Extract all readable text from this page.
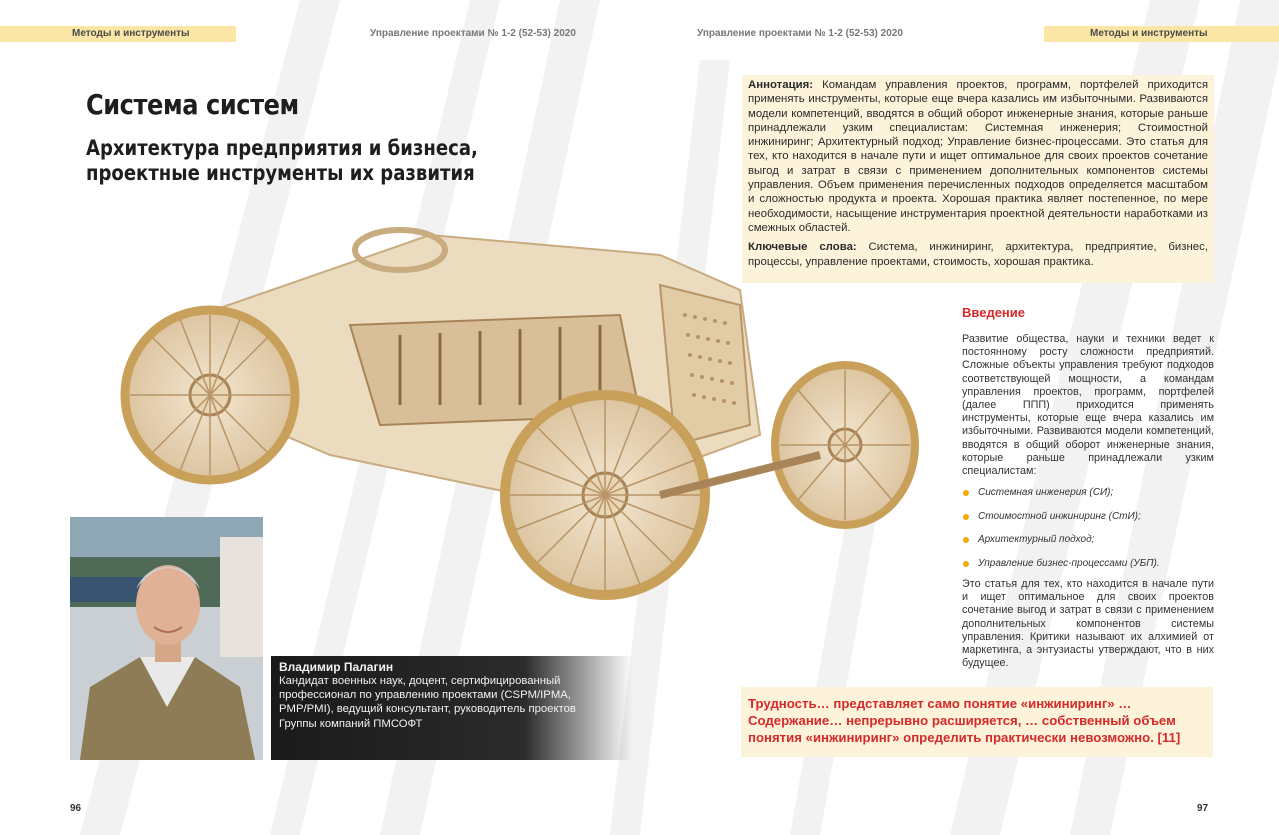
Методы и инструменты	Управление проектами № 1-2 (52-53) 2020	Управление проектами № 1-2 (52-53) 2020	Методы и инструменты
Система систем
Архитектура предприятия и бизнеса, проектные инструменты их развития

Аннотация: Командам управления проектов, программ, портфелей приходится применять инструменты, которые еще вчера казались им избыточными. Развиваются модели компетенций, вводятся в общий оборот инженерные знания, которые раньше принадлежали узким специалистам: Системная инженерия; Стоимостной инжиниринг; Архитектурный подход; Управление бизнес-процессами. Это статья для тех, кто находится в начале пути и ищет оптимальное для своих проектов сочетание выгод и затрат в связи с применением дополнительных компонентов системы управления. Объем применения перечисленных подходов определяется масштабом и сложностью продукта и проекта. Хорошая практика являет постепенное, по мере необходимости, насыщение инструментария проектной деятельности наработками из смежных областей.

Ключевые слова: Система, инжиниринг, архитектура, предприятие, бизнес, процессы, управление проектами, стоимость, хорошая практика.

Введение

Развитие общества, науки и техники ведет к постоянному росту сложности предприятий. Сложные объекты управления требуют подходов соответствующей мощности, а командам управления проектов, программ, портфелей (далее ППП) приходится применять инструменты, которые еще вчера казались им избыточными. Развиваются модели компетенций, вводятся в общий оборот инженерные знания, которые раньше принадлежали узким специалистам:

Системная инженерия (СИ);
Стоимостной инжиниринг (СтИ);
Архитектурный подход;
Управление бизнес-процессами (УБП).

Это статья для тех, кто находится в начале пути и ищет оптимальное для своих проектов сочетание выгод и затрат в связи с применением дополнительных компонентов системы управления. Критики называют их алхимией от маркетинга, а энтузиасты утверждают, что в них будущее.

Трудность… представляет само понятие «инжиниринг» … Содержание… непрерывно расширяется, … собственный объем понятия «инжиниринг» определить практически невозможно. [11]
Владимир Палагин
Кандидат военных наук, доцент, сертифицированный профессионал по управлению проектами (CSPM/IPMA, PMP/PMI), ведущий консультант, руководитель проектов Группы компаний ПМСОФТ
96	97
